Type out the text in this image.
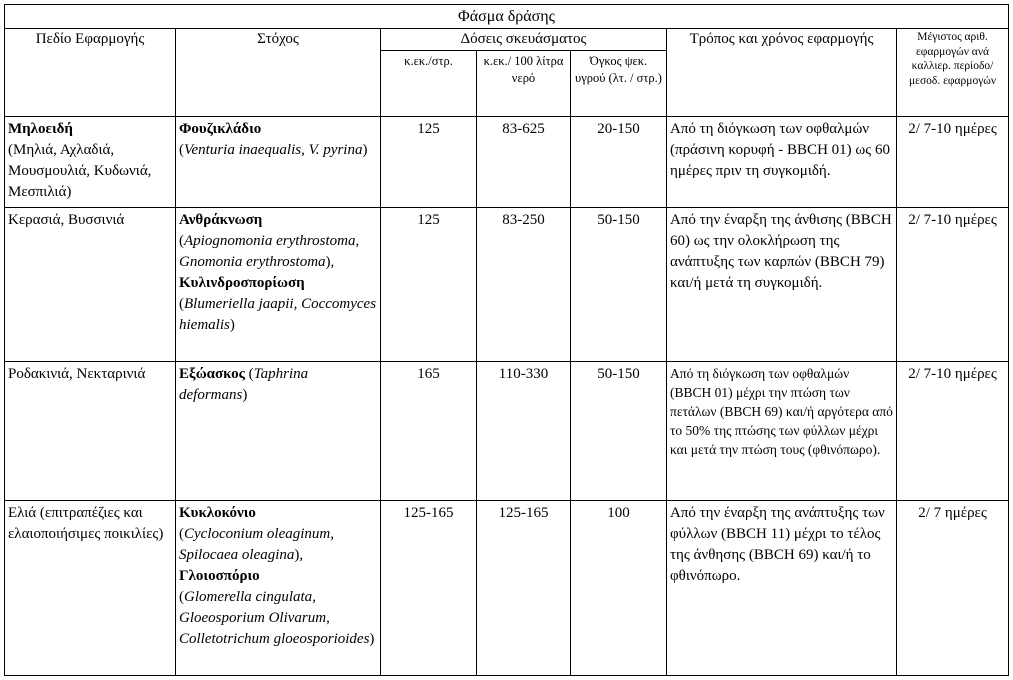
Φάσμα δράσης						
Πεδίο Εφαρμογής	Στόχος	Δόσεις σκευάσματος			Τρόπος και χρόνος εφαρμογής	Μέγιστος αριθ. εφαρμογών ανά καλλιερ. περίοδο/μεσοδ. εφαρμογών
		κ.εκ./στρ.	κ.εκ./ 100 λίτρα νερό	Όγκος ψεκ. υγρού (λτ. / στρ.)		

Μηλοειδή
(Μηλιά, Αχλαδιά, Μουσμουλιά, Κυδωνιά, Μεσπιλιά)	Φουζικλάδιο
(Venturia inaequalis, V. pyrina)	125	83-625	20-150	Από τη διόγκωση των οφθαλμών (πράσινη κορυφή - BBCH 01) ως 60 ημέρες πριν τη συγκομιδή.	2/ 7-10 ημέρες
Κερασιά, Βυσσινιά	Ανθράκνωση
(Apiognomonia erythrostoma, Gnomonia erythrostoma),
Κυλινδροσπορίωση
(Blumeriella jaapii, Coccomyces hiemalis)	125	83-250	50-150	Από την έναρξη της άνθισης (BBCH 60) ως την ολοκλήρωση της ανάπτυξης των καρπών (BBCH 79) και/ή μετά τη συγκομιδή.	2/ 7-10 ημέρες
Ροδακινιά, Νεκταρινιά	Εξώασκος (Taphrina deformans)	165	110-330	50-150	Από τη διόγκωση των οφθαλμών (BBCH 01) μέχρι την πτώση των πετάλων (BBCH 69) και/ή αργότερα από το 50% της πτώσης των φύλλων μέχρι και μετά την πτώση τους (φθινόπωρο).	2/ 7-10 ημέρες
Ελιά (επιτραπέζιες και ελαιοποιήσιμες ποικιλίες)	Κυκλοκόνιο
(Cycloconium oleaginum, Spilocaea oleagina),
Γλοιοσπόριο
(Glomerella cingulata, Gloeosporium Olivarum, Colletotrichum gloeosporioides)	125-165	125-165	100	Από την έναρξη της ανάπτυξης των φύλλων (BBCH 11) μέχρι το τέλος της άνθησης (BBCH 69) και/ή το φθινόπωρο.	2/ 7 ημέρες
